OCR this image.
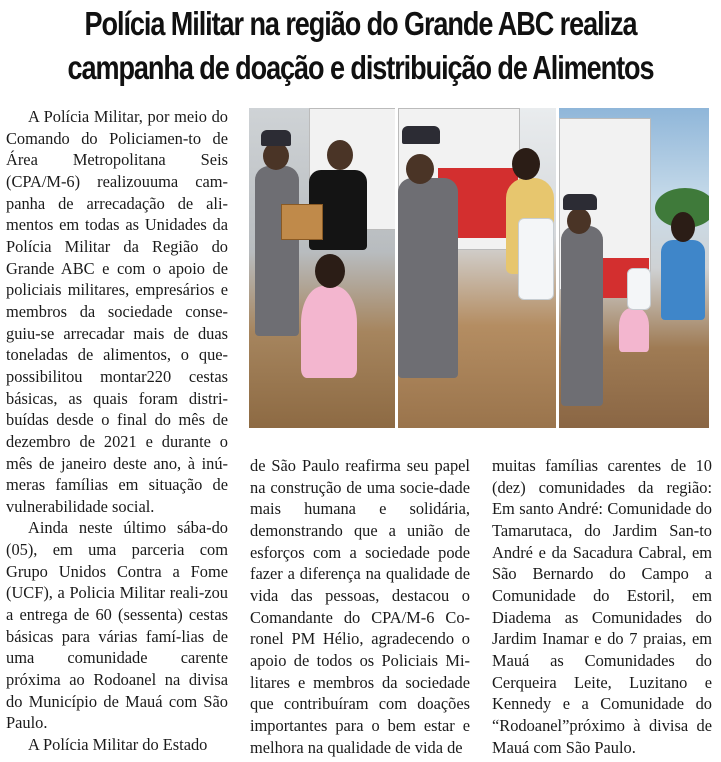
Polícia Militar na região do Grande ABC realiza
campanha de doação e distribuição de Alimentos

A Polícia Militar, por meio do Comando do Policiamen-to de Área Metropolitana Seis (CPA/M-6) realizouuma cam-panha de arrecadação de ali-mentos em todas as Unidades da Polícia Militar da Região do Grande ABC e com o apoio de policiais militares, empresários e membros da sociedade conse-guiu-se arrecadar mais de duas toneladas de alimentos, o que-possibilitou montar220 cestas básicas, as quais foram distri-buídas desde o final do mês de dezembro de 2021 e durante o mês de janeiro deste ano, à inú-meras famílias em situação de vulnerabilidade social.

Ainda neste último sába-do (05), em uma parceria com Grupo Unidos Contra a Fome (UCF), a Policia Militar reali-zou a entrega de 60 (sessenta) cestas básicas para várias famí-lias de uma comunidade carente próxima ao Rodoanel na divisa do Município de Mauá com São Paulo.

A Polícia Militar do Estado

de São Paulo reafirma seu papel na construção de uma socie-dade mais humana e solidária, demonstrando que a união de esforços com a sociedade pode fazer a diferença na qualidade de vida das pessoas, destacou o Comandante do CPA/M-6 Co-ronel PM Hélio, agradecendo o apoio de todos os Policiais Mi-litares e membros da sociedade que contribuíram com doações importantes para o bem estar e melhora na qualidade de vida de

muitas famílias carentes de 10 (dez) comunidades da região: Em santo André: Comunidade do Tamarutaca, do Jardim San-to André e da Sacadura Cabral, em São Bernardo do Campo a Comunidade do Estoril, em Diadema as Comunidades do Jardim Inamar e do 7 praias, em Mauá as Comunidades do Cerqueira Leite, Luzitano e Kennedy e a Comunidade do “Rodoanel”próximo à divisa de Mauá com São Paulo.
